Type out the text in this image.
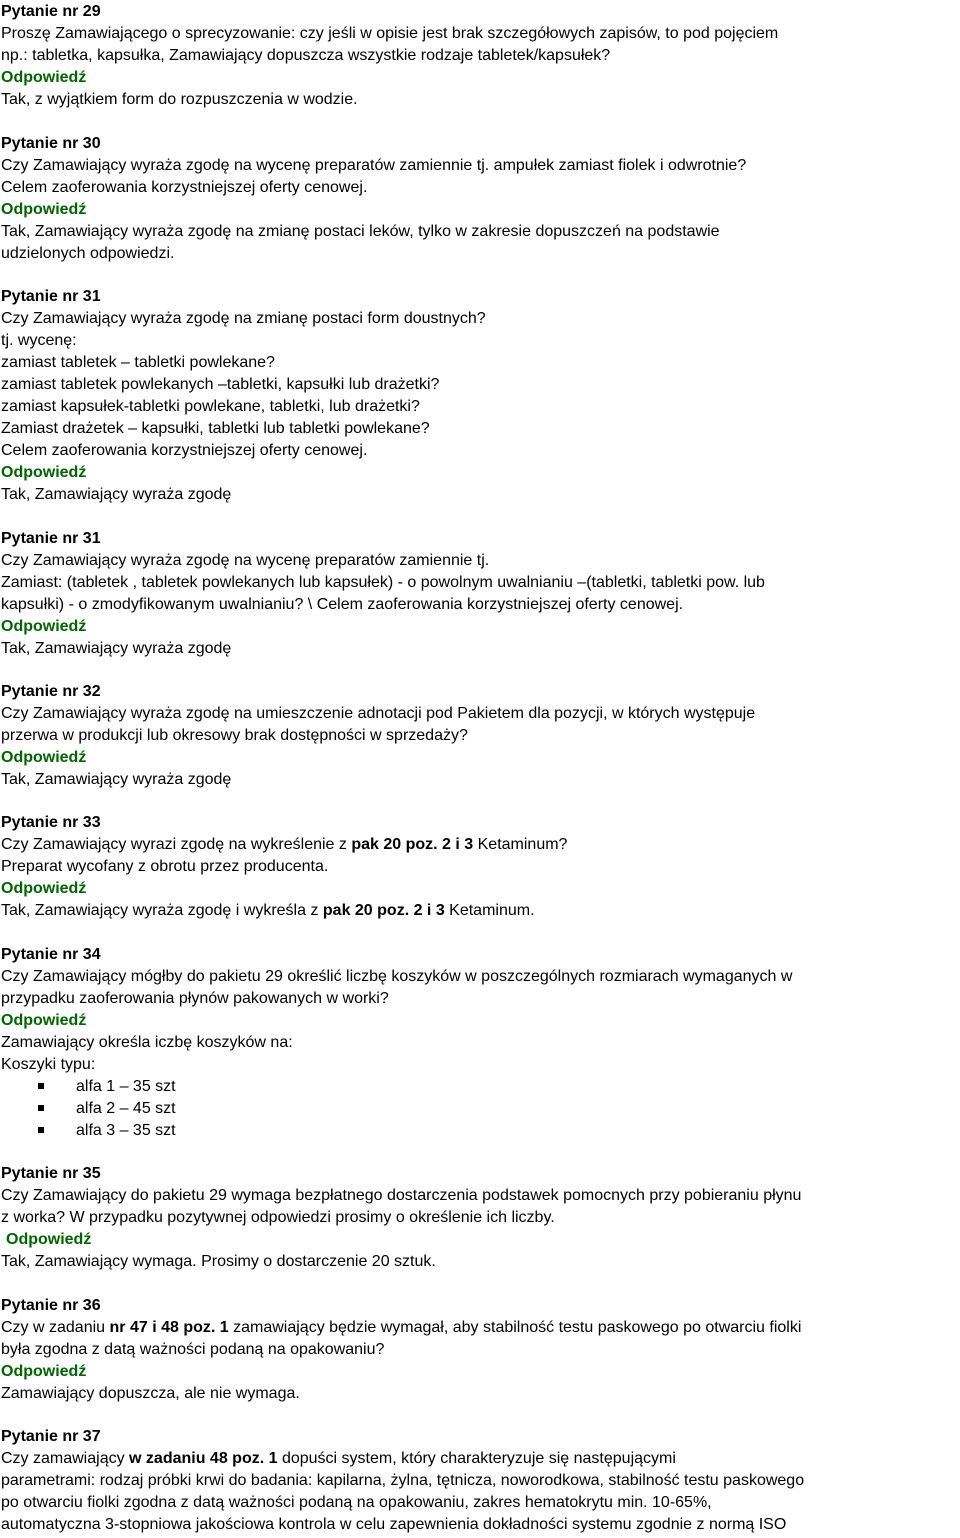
Pytanie nr 29
Proszę Zamawiającego o sprecyzowanie: czy jeśli w opisie jest brak szczegółowych zapisów, to pod pojęciem
np.: tabletka, kapsułka, Zamawiający dopuszcza wszystkie rodzaje tabletek/kapsułek?
Odpowiedź
Tak, z wyjątkiem form do rozpuszczenia w wodzie.
Pytanie nr 30
Czy Zamawiający wyraża zgodę na wycenę preparatów zamiennie tj. ampułek zamiast fiolek i odwrotnie?
Celem zaoferowania korzystniejszej oferty cenowej.
Odpowiedź
Tak, Zamawiający wyraża zgodę na zmianę postaci leków, tylko w zakresie dopuszczeń na podstawie
udzielonych odpowiedzi.
Pytanie nr 31
Czy Zamawiający wyraża zgodę na zmianę postaci form doustnych?
tj. wycenę:
zamiast tabletek – tabletki powlekane?
zamiast tabletek powlekanych –tabletki, kapsułki lub drażetki?
zamiast kapsułek-tabletki powlekane, tabletki, lub drażetki?
Zamiast drażetek – kapsułki, tabletki lub tabletki powlekane?
Celem zaoferowania korzystniejszej oferty cenowej.
Odpowiedź
Tak, Zamawiający wyraża zgodę
Pytanie nr 31
Czy Zamawiający wyraża zgodę na wycenę preparatów zamiennie tj.
Zamiast: (tabletek , tabletek powlekanych lub kapsułek) - o powolnym uwalnianiu –(tabletki, tabletki pow. lub
kapsułki) - o zmodyfikowanym uwalnianiu? \ Celem zaoferowania korzystniejszej oferty cenowej.
Odpowiedź
Tak, Zamawiający wyraża zgodę
Pytanie nr 32
Czy Zamawiający wyraża zgodę na umieszczenie adnotacji pod Pakietem dla pozycji, w których występuje
przerwa w produkcji lub okresowy brak dostępności w sprzedaży?
Odpowiedź
Tak, Zamawiający wyraża zgodę
Pytanie nr 33
Czy Zamawiający wyrazi zgodę na wykreślenie z pak 20 poz. 2 i 3 Ketaminum?
Preparat wycofany z obrotu przez producenta.
Odpowiedź
Tak, Zamawiający wyraża zgodę i wykreśla z pak 20 poz. 2 i 3 Ketaminum.
Pytanie nr 34
Czy Zamawiający mógłby do pakietu 29 określić liczbę koszyków w poszczególnych rozmiarach wymaganych w
przypadku zaoferowania płynów pakowanych w worki?
Odpowiedź
Zamawiający określa iczbę koszyków na:
Koszyki typu:
alfa 1 – 35 szt
alfa 2 – 45 szt
alfa 3 – 35 szt
Pytanie nr 35
Czy Zamawiający do pakietu 29 wymaga bezpłatnego dostarczenia podstawek pomocnych przy pobieraniu płynu
z worka? W przypadku pozytywnej odpowiedzi prosimy o określenie ich liczby.
Odpowiedź
Tak, Zamawiający wymaga. Prosimy o dostarczenie 20 sztuk.
Pytanie nr 36
Czy w zadaniu nr 47 i 48 poz. 1 zamawiający będzie wymagał, aby stabilność testu paskowego po otwarciu fiolki
była zgodna z datą ważności podaną na opakowaniu?
Odpowiedź
Zamawiający dopuszcza, ale nie wymaga.
Pytanie nr 37
Czy zamawiający w zadaniu 48 poz. 1 dopuści system, który charakteryzuje się następującymi
parametrami: rodzaj próbki krwi do badania: kapilarna, żylna, tętnicza, noworodkowa, stabilność testu paskowego
po otwarciu fiolki zgodna z datą ważności podaną na opakowaniu, zakres hematokrytu min. 10-65%,
automatyczna 3-stopniowa jakościowa kontrola w celu zapewnienia dokładności systemu zgodnie z normą ISO
